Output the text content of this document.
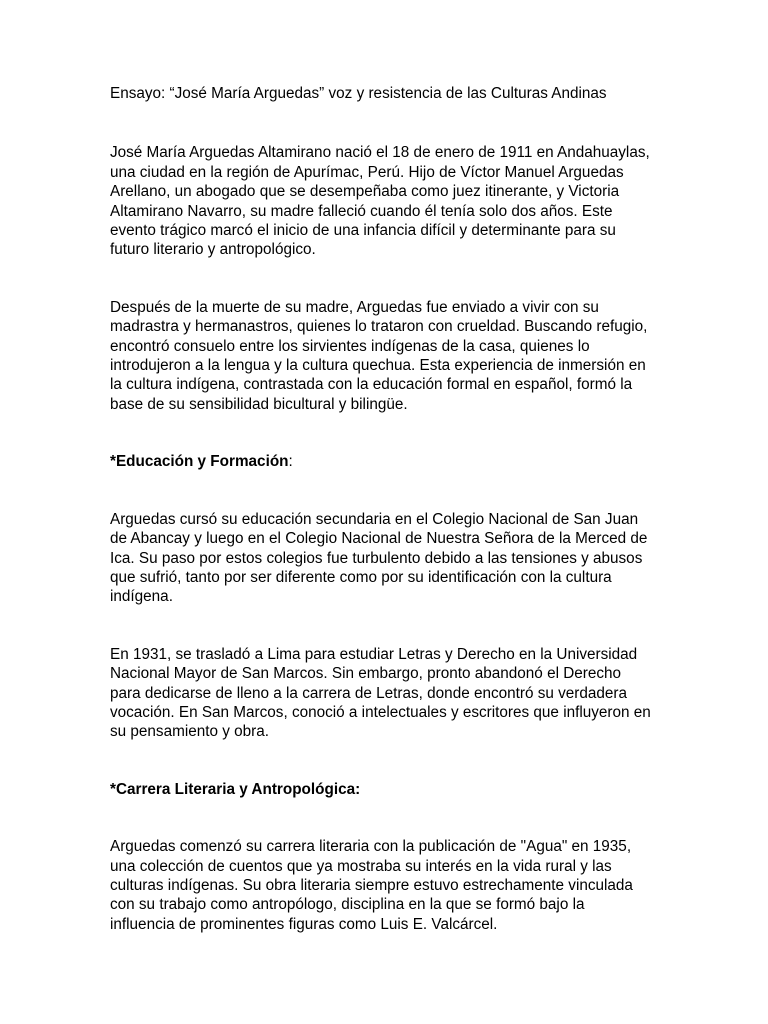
Ensayo: “José María Arguedas” voz y resistencia de las Culturas Andinas
José María Arguedas Altamirano nació el 18 de enero de 1911 en Andahuaylas,
una ciudad en la región de Apurímac, Perú. Hijo de Víctor Manuel Arguedas
Arellano, un abogado que se desempeñaba como juez itinerante, y Victoria
Altamirano Navarro, su madre falleció cuando él tenía solo dos años. Este
evento trágico marcó el inicio de una infancia difícil y determinante para su
futuro literario y antropológico.
Después de la muerte de su madre, Arguedas fue enviado a vivir con su
madrastra y hermanastros, quienes lo trataron con crueldad. Buscando refugio,
encontró consuelo entre los sirvientes indígenas de la casa, quienes lo
introdujeron a la lengua y la cultura quechua. Esta experiencia de inmersión en
la cultura indígena, contrastada con la educación formal en español, formó la
base de su sensibilidad bicultural y bilingüe.
*Educación y Formación:
Arguedas cursó su educación secundaria en el Colegio Nacional de San Juan
de Abancay y luego en el Colegio Nacional de Nuestra Señora de la Merced de
Ica. Su paso por estos colegios fue turbulento debido a las tensiones y abusos
que sufrió, tanto por ser diferente como por su identificación con la cultura
indígena.
En 1931, se trasladó a Lima para estudiar Letras y Derecho en la Universidad
Nacional Mayor de San Marcos. Sin embargo, pronto abandonó el Derecho
para dedicarse de lleno a la carrera de Letras, donde encontró su verdadera
vocación. En San Marcos, conoció a intelectuales y escritores que influyeron en
su pensamiento y obra.
*Carrera Literaria y Antropológica:
Arguedas comenzó su carrera literaria con la publicación de "Agua" en 1935,
una colección de cuentos que ya mostraba su interés en la vida rural y las
culturas indígenas. Su obra literaria siempre estuvo estrechamente vinculada
con su trabajo como antropólogo, disciplina en la que se formó bajo la
influencia de prominentes figuras como Luis E. Valcárcel.
